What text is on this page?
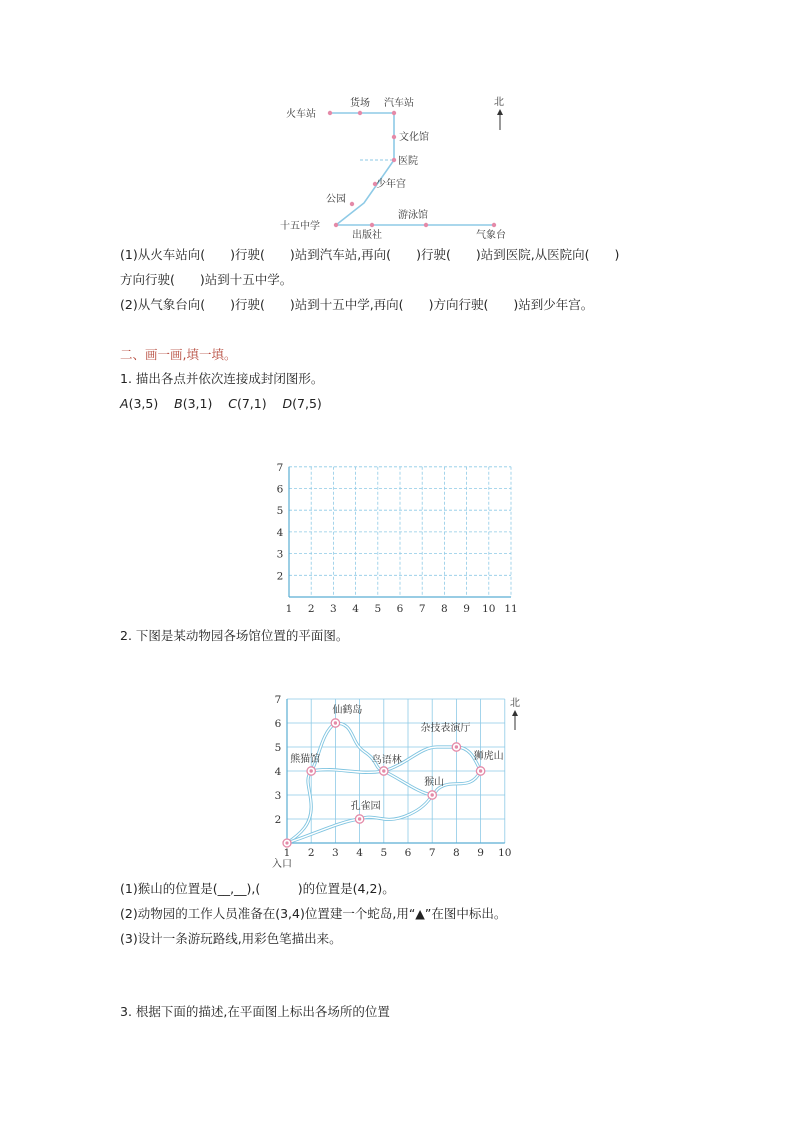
火车站
货场 汽车站
文化馆
医院
少年宫
公园
十五中学
出版社
游泳馆
气象台
北
(1)从火车站向(　　)行驶(　　)站到汽车站,再向(　　)行驶(　　)站到医院,从医院向(　　)
方向行驶(　　)站到十五中学。
(2)从气象台向(　　)行驶(　　)站到十五中学,再向(　　)方向行驶(　　)站到少年宫。
二、画一画,填一填。
1. 描出各点并依次连接成封闭图形。
A(3,5) B(3,1) C(7,1) D(7,5)
1 2 3 4 5 6 7 8 9 10 11
2
3
4
5
6
7
2. 下图是某动物园各场馆位置的平面图。
仙鹤岛
熊猫馆	鸟语林
杂技表演厅
狮虎山
猴山
孔雀园
1 2 3 4 5 6 7 8 9 10
2
3
4
5
6
7
入口
北
(1)猴山的位置是(__,__),(　　　)的位置是(4,2)。
(2)动物园的工作人员准备在(3,4)位置建一个蛇岛,用“▲”在图中标出。
(3)设计一条游玩路线,用彩色笔描出来。
3. 根据下面的描述,在平面图上标出各场所的位置
